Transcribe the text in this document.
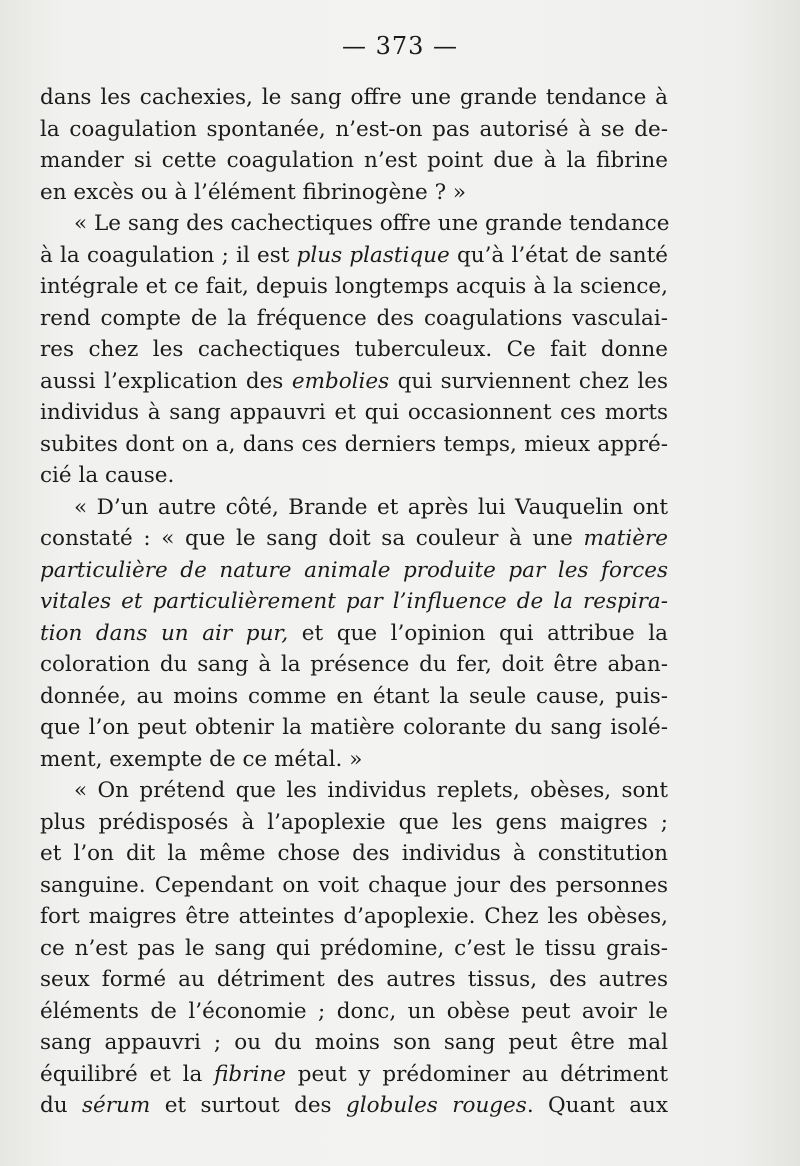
— 373 —
dans les cachexies, le sang offre une grande tendance à
la coagulation spontanée, n’est-on pas autorisé à se de-
mander si cette coagulation n’est point due à la fibrine
en excès ou à l’élément fibrinogène ? »
« Le sang des cachectiques offre une grande tendance
à la coagulation ; il est plus plastique qu’à l’état de santé
intégrale et ce fait, depuis longtemps acquis à la science,
rend compte de la fréquence des coagulations vasculai-
res chez les cachectiques tuberculeux. Ce fait donne
aussi l’explication des embolies qui surviennent chez les
individus à sang appauvri et qui occasionnent ces morts
subites dont on a, dans ces derniers temps, mieux appré-
cié la cause.
« D’un autre côté, Brande et après lui Vauquelin ont
constaté : « que le sang doit sa couleur à une matière
particulière de nature animale produite par les forces
vitales et particulièrement par l’influence de la respira-
tion dans un air pur, et que l’opinion qui attribue la
coloration du sang à la présence du fer, doit être aban-
donnée, au moins comme en étant la seule cause, puis-
que l’on peut obtenir la matière colorante du sang isolé-
ment, exempte de ce métal. »
« On prétend que les individus replets, obèses, sont
plus prédisposés à l’apoplexie que les gens maigres ;
et l’on dit la même chose des individus à constitution
sanguine. Cependant on voit chaque jour des personnes
fort maigres être atteintes d’apoplexie. Chez les obèses,
ce n’est pas le sang qui prédomine, c’est le tissu grais-
seux formé au détriment des autres tissus, des autres
éléments de l’économie ; donc, un obèse peut avoir le
sang appauvri ; ou du moins son sang peut être mal
équilibré et la fibrine peut y prédominer au détriment
du sérum et surtout des globules rouges. Quant aux
